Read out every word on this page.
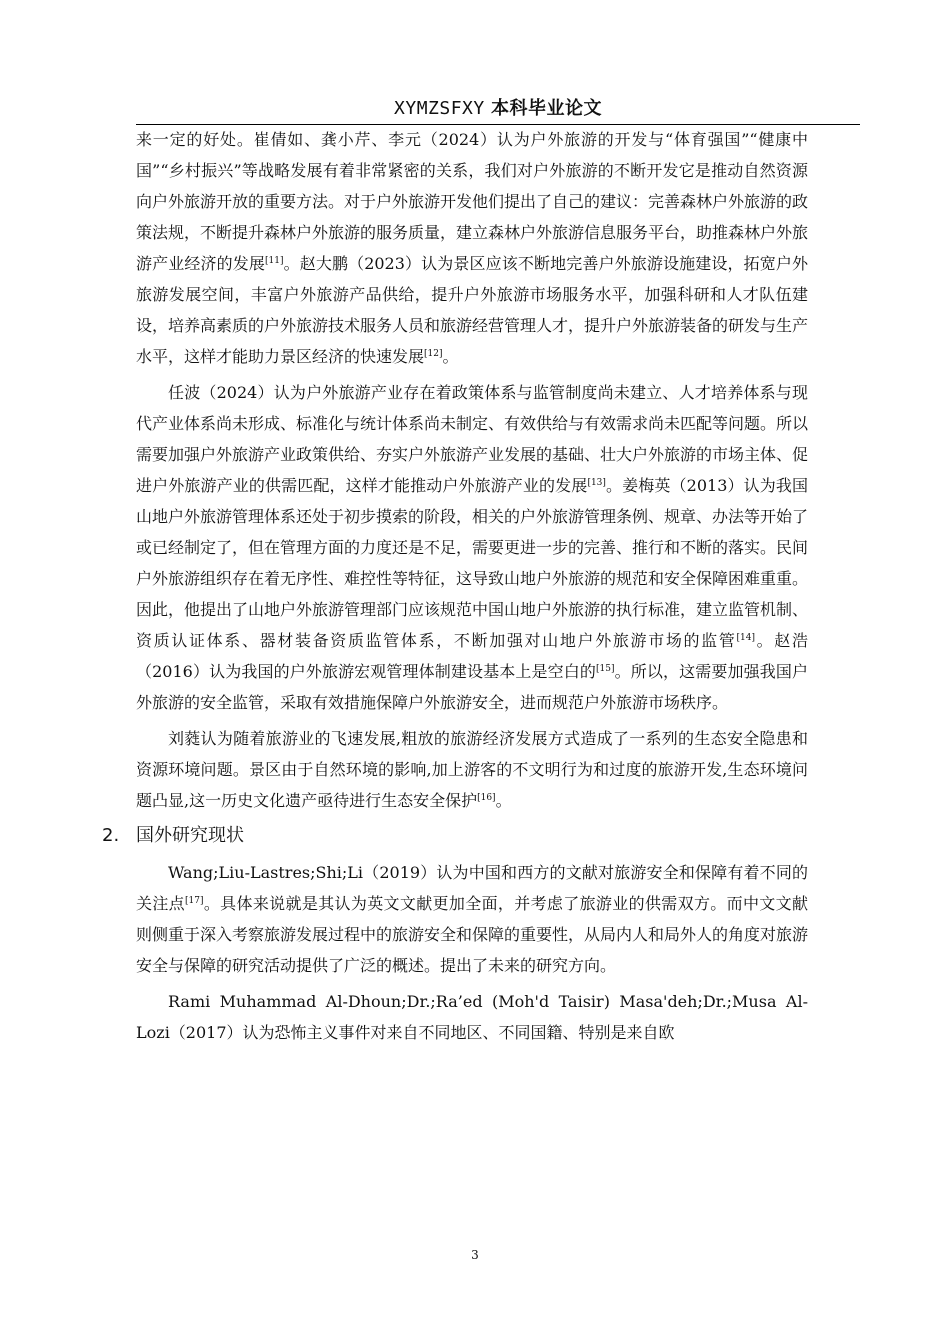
XYMZSFXY 本科毕业论文

来一定的好处。崔倩如、龚小芹、李元（2024）认为户外旅游的开发与“体育强国”“健康中国”“乡村振兴”等战略发展有着非常紧密的关系，我们对户外旅游的不断开发它是推动自然资源向户外旅游开放的重要方法。对于户外旅游开发他们提出了自己的建议：完善森林户外旅游的政策法规，不断提升森林户外旅游的服务质量，建立森林户外旅游信息服务平台，助推森林户外旅游产业经济的发展[11]。赵大鹏（2023）认为景区应该不断地完善户外旅游设施建设，拓宽户外旅游发展空间，丰富户外旅游产品供给，提升户外旅游市场服务水平，加强科研和人才队伍建设，培养高素质的户外旅游技术服务人员和旅游经营管理人才，提升户外旅游装备的研发与生产水平，这样才能助力景区经济的快速发展[12]。

任波（2024）认为户外旅游产业存在着政策体系与监管制度尚未建立、人才培养体系与现代产业体系尚未形成、标准化与统计体系尚未制定、有效供给与有效需求尚未匹配等问题。所以需要加强户外旅游产业政策供给、夯实户外旅游产业发展的基础、壮大户外旅游的市场主体、促进户外旅游产业的供需匹配，这样才能推动户外旅游产业的发展[13]。姜梅英（2013）认为我国山地户外旅游管理体系还处于初步摸索的阶段，相关的户外旅游管理条例、规章、办法等开始了或已经制定了，但在管理方面的力度还是不足，需要更进一步的完善、推行和不断的落实。民间户外旅游组织存在着无序性、难控性等特征，这导致山地户外旅游的规范和安全保障困难重重。因此，他提出了山地户外旅游管理部门应该规范中国山地户外旅游的执行标准，建立监管机制、资质认证体系、器材装备资质监管体系，不断加强对山地户外旅游市场的监管[14]。赵浩（2016）认为我国的户外旅游宏观管理体制建设基本上是空白的[15]。所以，这需要加强我国户外旅游的安全监管，采取有效措施保障户外旅游安全，进而规范户外旅游市场秩序。

刘蕤认为随着旅游业的飞速发展,粗放的旅游经济发展方式造成了一系列的生态安全隐患和资源环境问题。景区由于自然环境的影响,加上游客的不文明行为和过度的旅游开发,生态环境问题凸显,这一历史文化遗产亟待进行生态安全保护[16]。

2. 国外研究现状

Wang;Liu-Lastres;Shi;Li（2019）认为中国和西方的文献对旅游安全和保障有着不同的关注点[17]。具体来说就是其认为英文文献更加全面，并考虑了旅游业的供需双方。而中文文献则侧重于深入考察旅游发展过程中的旅游安全和保障的重要性，从局内人和局外人的角度对旅游安全与保障的研究活动提供了广泛的概述。提出了未来的研究方向。

Rami Muhammad Al-Dhoun;Dr.;Ra’ed (Moh'd Taisir) Masa'deh;Dr.;Musa Al-Lozi（2017）认为恐怖主义事件对来自不同地区、不同国籍、特别是来自欧

3
